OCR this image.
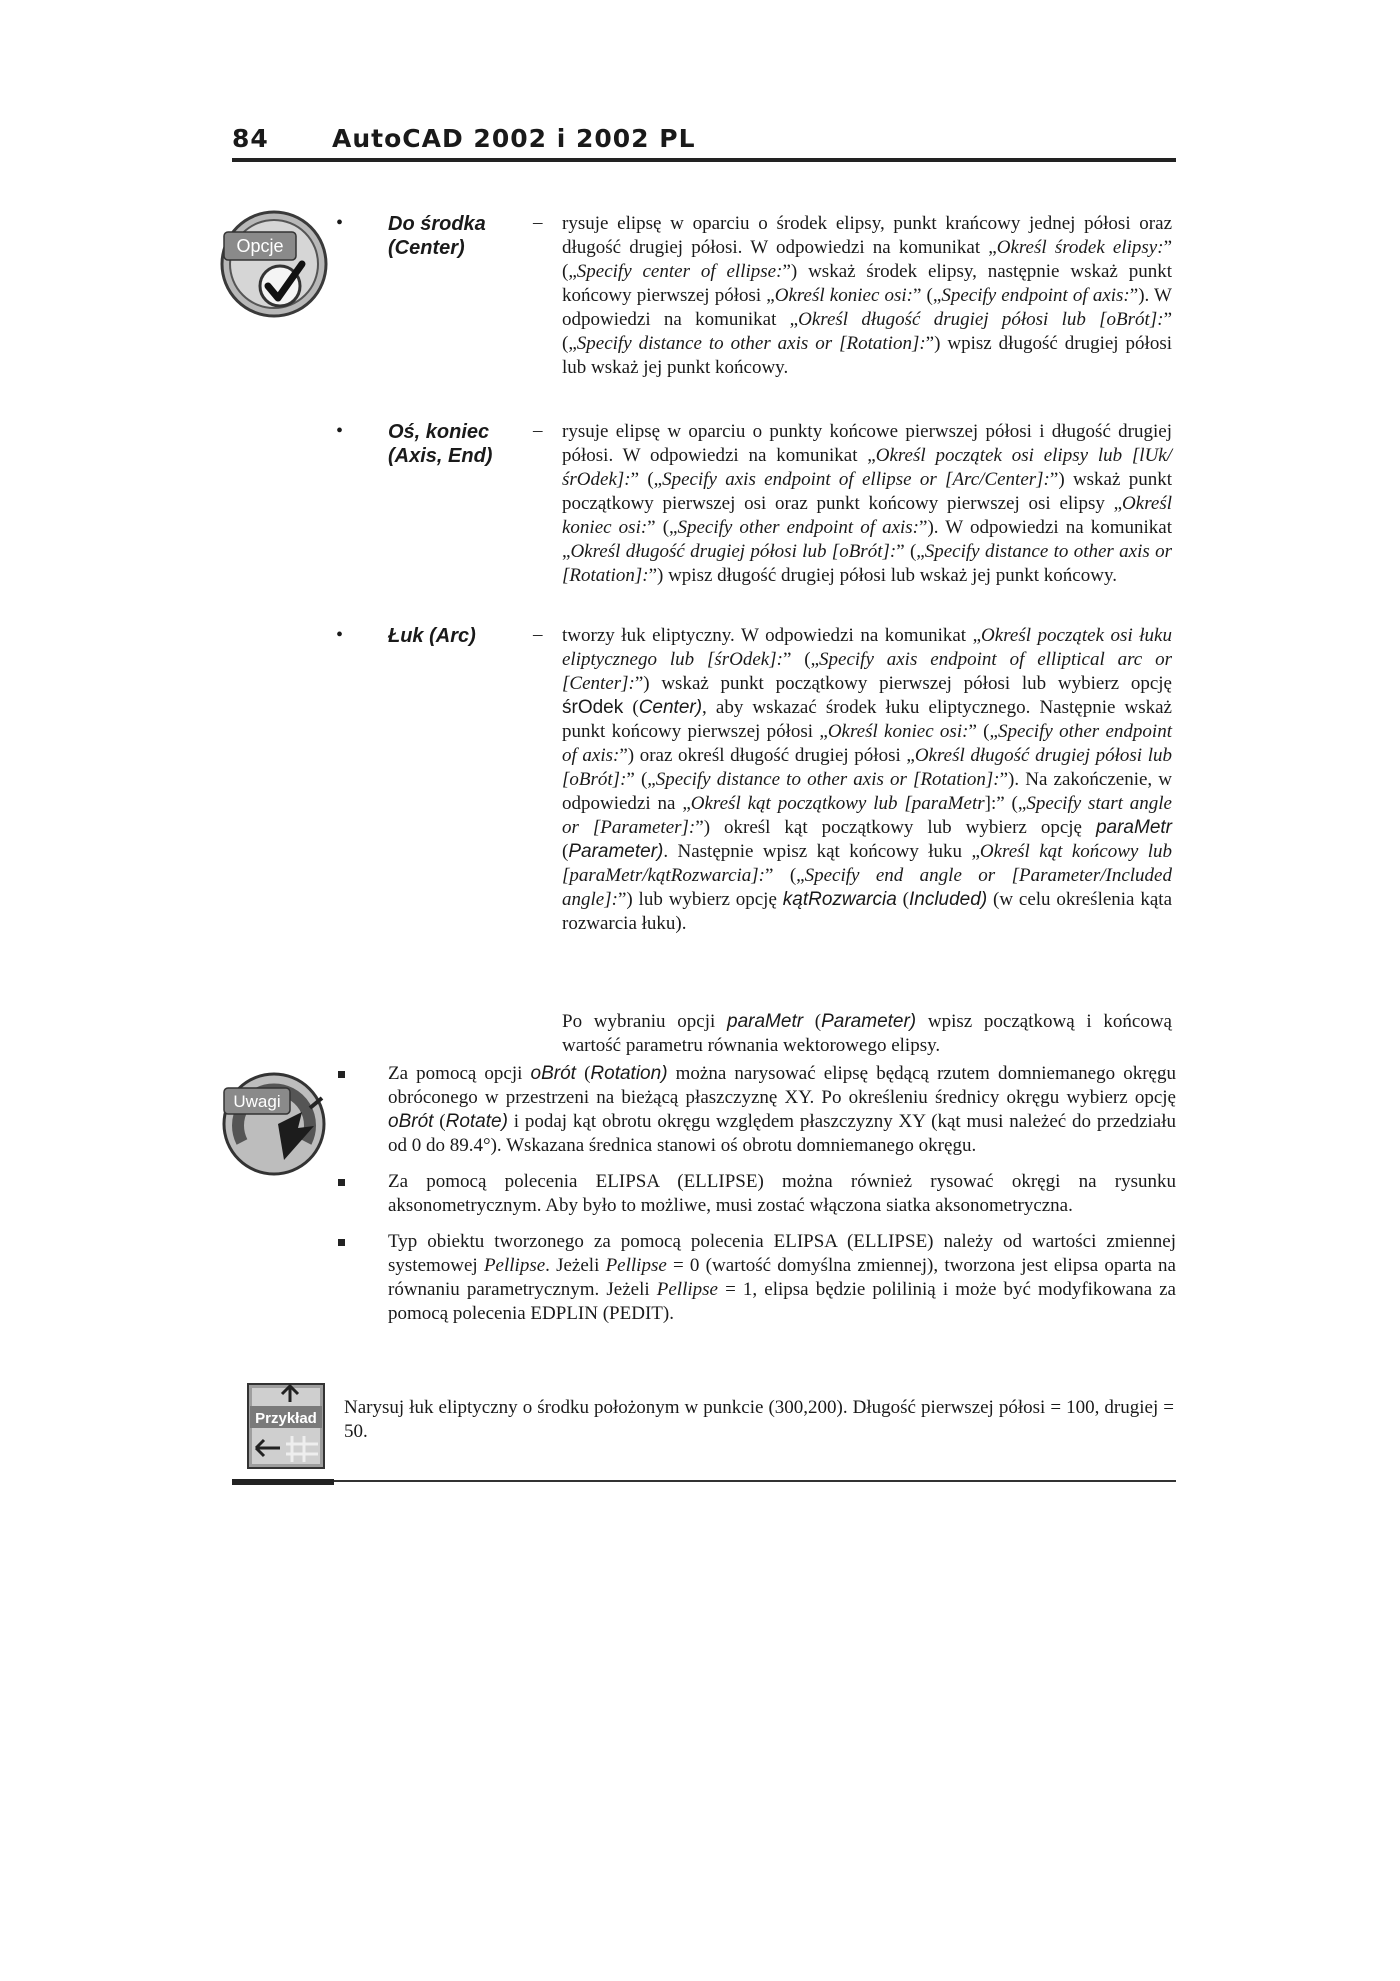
84	AutoCAD 2002 i 2002 PL
Opcje
• Do środka
(Center)
– rysuje elipsę w oparciu o środek elipsy, punkt krańcowy jednej półosi oraz długość drugiej półosi. W odpowiedzi na komunikat „Określ środek elipsy:” („Specify center of ellipse:”) wskaż środek elipsy, następnie wskaż punkt końcowy pierwszej półosi „Określ koniec osi:” („Specify endpoint of axis:”). W odpowiedzi na komunikat „Określ długość drugiej półosi lub [oBrót]:” („Specify distance to other axis or [Rotation]:”) wpisz długość drugiej półosi lub wskaż jej punkt końcowy.
• Oś, koniec
(Axis, End)
– rysuje elipsę w oparciu o punkty końcowe pierwszej półosi i długość drugiej półosi. W odpowiedzi na komunikat „Określ początek osi elipsy lub [lUk/śrOdek]:” („Specify axis endpoint of ellipse or [Arc/Center]:”) wskaż punkt początkowy pierwszej osi oraz punkt końcowy pierwszej osi elipsy „Określ koniec osi:” („Specify other endpoint of axis:”). W odpowiedzi na komunikat „Określ długość drugiej półosi lub [oBrót]:” („Specify distance to other axis or [Rotation]:”) wpisz długość drugiej półosi lub wskaż jej punkt końcowy.
• Łuk (Arc)	– tworzy łuk eliptyczny. W odpowiedzi na komunikat „Określ początek osi łuku eliptycznego lub [śrOdek]:” („Specify axis endpoint of elliptical arc or [Center]:”) wskaż punkt początkowy pierwszej półosi lub wybierz opcję śrOdek (Center), aby wskazać środek łuku eliptycznego. Następnie wskaż punkt końcowy pierwszej półosi „Określ koniec osi:” („Specify other endpoint of axis:”) oraz określ długość drugiej półosi „Określ długość drugiej półosi lub [oBrót]:” („Specify distance to other axis or [Rotation]:”). Na zakończenie, w odpowiedzi na „Określ kąt początkowy lub [paraMetr]:” („Specify start angle or [Parameter]:”) określ kąt początkowy lub wybierz opcję paraMetr (Parameter). Następnie wpisz kąt końcowy łuku „Określ kąt końcowy lub [paraMetr/kątRozwarcia]:” („Specify end angle or [Parameter/Included angle]:”) lub wybierz opcję kątRozwarcia (Included) (w celu określenia kąta rozwarcia łuku).
Po wybraniu opcji paraMetr (Parameter) wpisz początkową i końcową wartość parametru równania wektorowego elipsy.
Uwagi
Za pomocą opcji oBrót (Rotation) można narysować elipsę będącą rzutem domniemanego okręgu obróconego w przestrzeni na bieżącą płaszczyznę XY. Po określeniu średnicy okręgu wybierz opcję oBrót (Rotate) i podaj kąt obrotu okręgu względem płaszczyzny XY (kąt musi należeć do przedziału od 0 do 89.4°). Wskazana średnica stanowi oś obrotu domniemanego okręgu.
Za pomocą polecenia ELIPSA (ELLIPSE) można również rysować okręgi na rysunku aksonometrycznym. Aby było to możliwe, musi zostać włączona siatka aksonometryczna.
Typ obiektu tworzonego za pomocą polecenia ELIPSA (ELLIPSE) należy od wartości zmiennej systemowej Pellipse. Jeżeli Pellipse = 0 (wartość domyślna zmiennej), tworzona jest elipsa oparta na równaniu parametrycznym. Jeżeli Pellipse = 1, elipsa będzie polilinią i może być modyfikowana za pomocą polecenia EDPLIN (PEDIT).
Przykład
Narysuj łuk eliptyczny o środku położonym w punkcie (300,200). Długość pierwszej półosi = 100, drugiej = 50.
